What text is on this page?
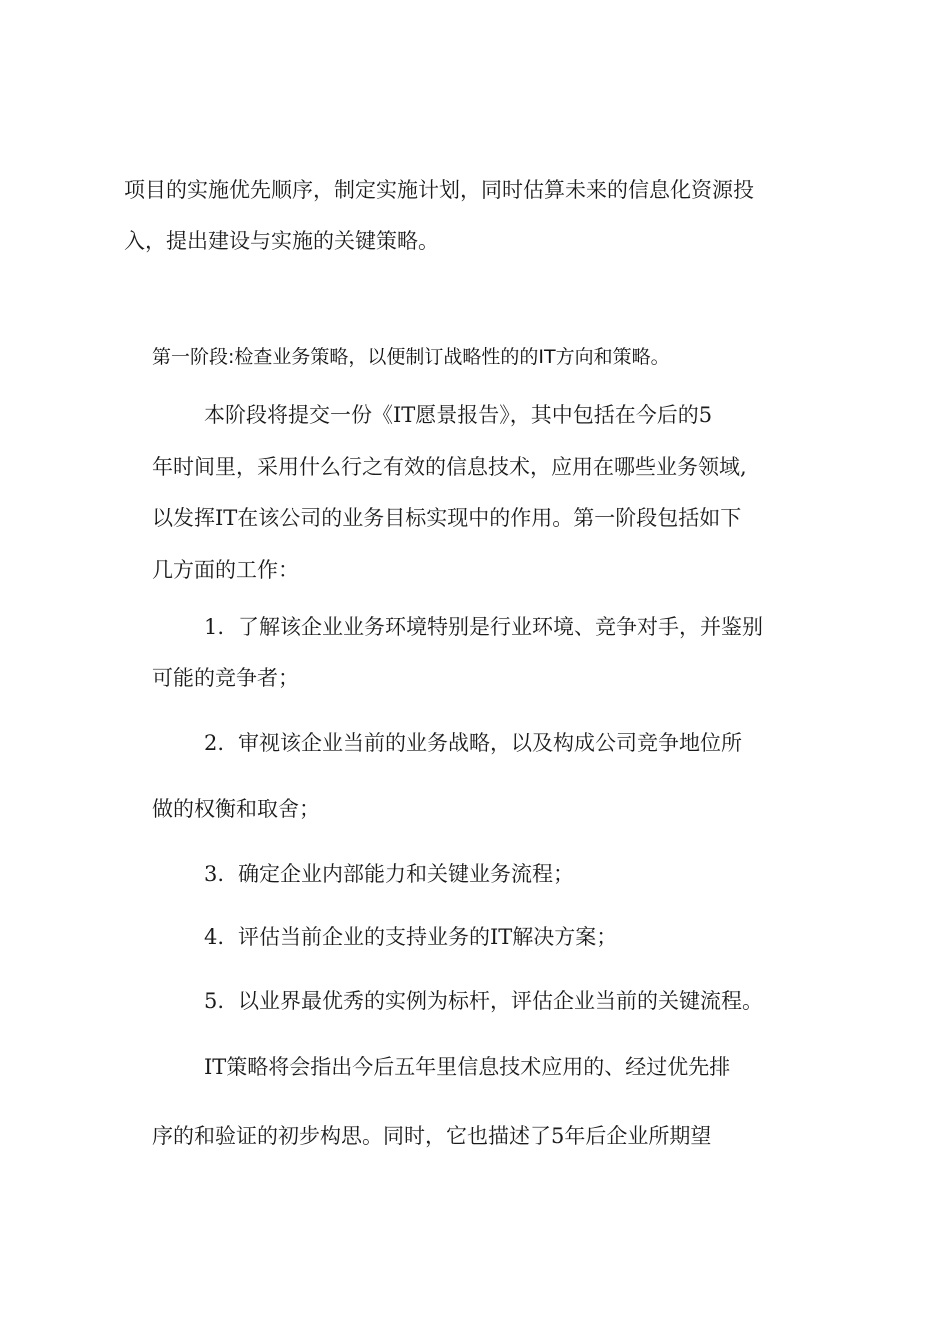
项目的实施优先顺序，制定实施计划，同时估算未来的信息化资源投
入，提出建设与实施的关键策略。
第一阶段:检查业务策略，以便制订战略性的的IT方向和策略。
本阶段将提交一份《IT愿景报告》，其中包括在今后的5
年时间里，采用什么行之有效的信息技术，应用在哪些业务领域,
以发挥IT在该公司的业务目标实现中的作用。第一阶段包括如下
几方面的工作：
1. 了解该企业业务环境特别是行业环境、竞争对手，并鉴别
可能的竞争者；
2. 审视该企业当前的业务战略，以及构成公司竞争地位所
做的权衡和取舍；
3. 确定企业内部能力和关键业务流程；
4. 评估当前企业的支持业务的IT解决方案；
5. 以业界最优秀的实例为标杆，评估企业当前的关键流程。
IT策略将会指出今后五年里信息技术应用的、经过优先排
序的和验证的初步构思。同时，它也描述了5年后企业所期望
